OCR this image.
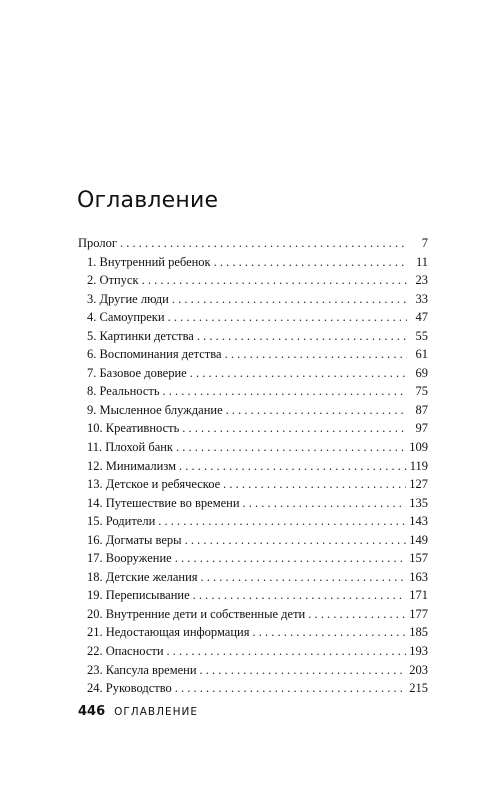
Оглавление
Пролог . . .	7
1. Внутренний ребенок . . .	11
2. Отпуск . . .	23
3. Другие люди . . .	33
4. Самоупреки . . .	47
5. Картинки детства . . .	55
6. Воспоминания детства . . .	61
7. Базовое доверие . . .	69
8. Реальность . . .	75
9. Мысленное блуждание . . .	87
10. Креативность . . .	97
11. Плохой банк . . .	109
12. Минимализм . . .	119
13. Детское и ребяческое . . .	127
14. Путешествие во времени . . .	135
15. Родители . . .	143
16. Догматы веры . . .	149
17. Вооружение . . .	157
18. Детские желания . . .	163
19. Переписывание . . .	171
20. Внутренние дети и собственные дети . . .	177
21. Недостающая информация . . .	185
22. Опасности . . .	193
23. Капсула времени . . .	203
24. Руководство . . .	215
446 ОГЛАВЛЕНИЕ
